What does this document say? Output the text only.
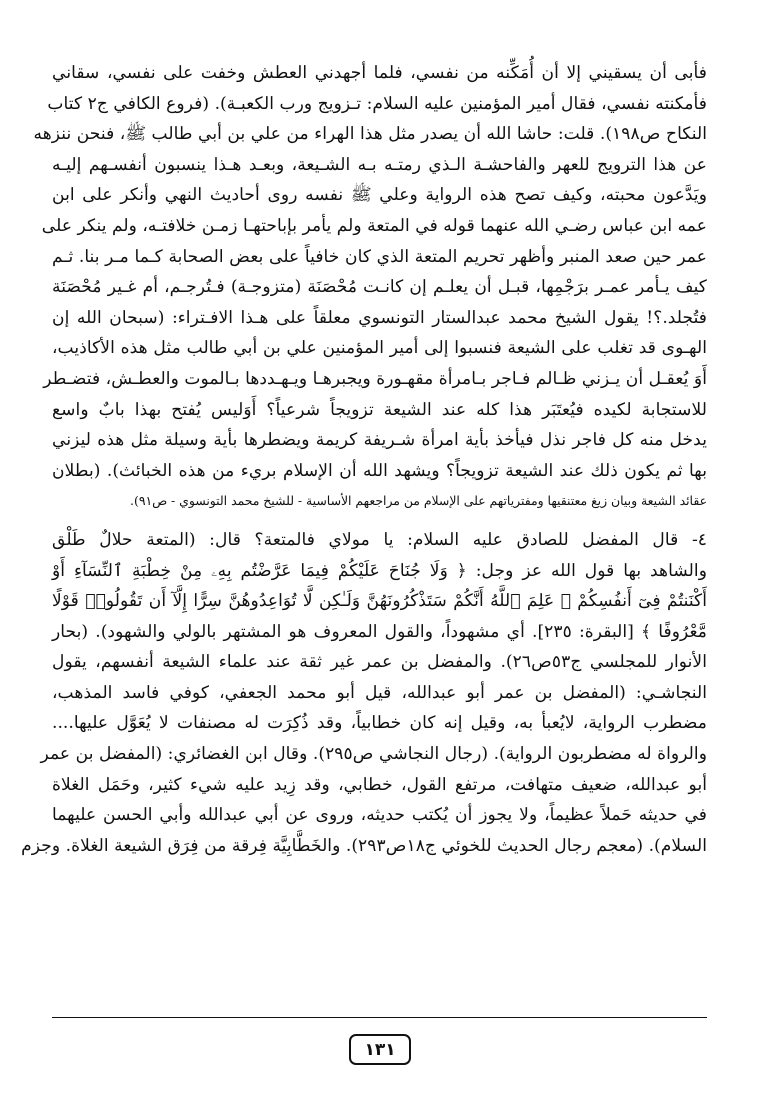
فأبى أن يسقيني إلا أن أُمَكِّنه من نفسي، فلما أجهدني العطش وخفت على نفسي، سقاني
فأمكنته نفسي، فقال أمير المؤمنين عليه السلام: تـزويج ورب الكعبـة). (فروع الكافي ج٢ كتاب
النكاح ص١٩٨). قلت: حاشا الله أن يصدر مثل هذا الهراء من علي بن أبي طالب ﷺ، فنحن ننزهه
عن هذا الترويج للعهر والفاحشـة الـذي رمتـه بـه الشـيعة، وبعـد هـذا ينسبون أنفسـهم إليـه
ويَدَّعون محبته، وكيف تصح هذه الرواية وعلي ﷺ نفسه روى أحاديث النهي وأنكر على ابن
عمه ابن عباس رضـي الله عنهما قوله في المتعة ولم يأمر بإباحتهـا زمـن خلافتـه، ولم ينكر على
عمر حين صعد المنبر وأظهر تحريم المتعة الذي كان خافياً على بعض الصحابة كـما مـر بنا. ثـم
كيف يـأمر عمـر برَجْمِها، قبـل أن يعلـم إن كانـت مُحْصَنَة (متزوجـة) فـتُرجـم، أم غـير مُحْصَنَة
فتُجلد.؟! يقول الشيخ محمد عبدالستار التونسوي معلقاً على هـذا الافـتراء: (سبحان الله إن
الهـوى قد تغلب على الشيعة فنسبوا إلى أمير المؤمنين علي بن أبي طالب مثل هذه الأكاذيب،
أَوَ يُعقـل أن يـزني ظـالم فـاجر بـامرأة مقهـورة ويجبرهـا ويـهـددها بـالموت والعطـش، فتضـطر
للاستجابة لكيده فيُعتَبَر هذا كله عند الشيعة تزويجاً شرعياً؟ أَوَليس يُفتح بهذا بابٌ واسع
يدخل منه كل فاجر نذل فيأخذ بأية امرأة شـريفة كريمة ويضطرها بأية وسيلة مثل هذه ليزني
بها ثم يكون ذلك عند الشيعة تزويجاً؟ ويشهد الله أن الإسلام بريء من هذه الخبائث). (بطلان
عقائد الشيعة وبيان زيغ معتنقيها ومفترياتهم على الإسلام من مراجعهم الأساسية - للشيخ محمد التونسوي - ص٩١).
٤- قال المفضل للصادق عليه السلام: يا مولاي فالمتعة؟ قال: (المتعة حلالٌ طَلْق
والشاهد بها قول الله عز وجل: ﴿ وَلَا جُنَاحَ عَلَيْكُمْ فِيمَا عَرَّضْتُم بِهِۦ مِنْ خِطْبَةِ ٱلنِّسَآءِ أَوْ
أَكْنَنتُمْ فِىٓ أَنفُسِكُمْ ۚ عَلِمَ ٱللَّهُ أَنَّكُمْ سَتَذْكُرُونَهُنَّ وَلَـٰكِن لَّا تُوَاعِدُوهُنَّ سِرًّا إِلَّآ أَن تَقُولُوا۟ قَوْلًا
مَّعْرُوفًا ﴾ [البقرة: ٢٣٥]. أي مشهوداً، والقول المعروف هو المشتهر بالولي والشهود). (بحار
الأنوار للمجلسي ج٥٣ص٢٦). والمفضل بن عمر غير ثقة عند علماء الشيعة أنفسهم، يقول
النجاشـي: (المفضل بن عمر أبو عبدالله، قيل أبو محمد الجعفي، كوفي فاسد المذهب،
مضطرب الرواية، لايُعبأ به، وقيل إنه كان خطابياً، وقد ذُكِرَت له مصنفات لا يُعَوَّل عليها....
والرواة له مضطربون الرواية). (رجال النجاشي ص٢٩٥). وقال ابن الغضائري: (المفضل بن عمر
أبو عبدالله، ضعيف متهافت، مرتفع القول، خطابي، وقد زِيد عليه شيء كثير، وحَمَل الغلاة
في حديثه حَملاً عظيماً، ولا يجوز أن يُكتب حديثه، وروى عن أبي عبدالله وأبي الحسن عليهما
السلام). (معجم رجال الحديث للخوئي ج١٨ص٢٩٣). والخَطَّابِيَّة فِرقة من فِرَق الشيعة الغلاة. وجزم
١٣١
